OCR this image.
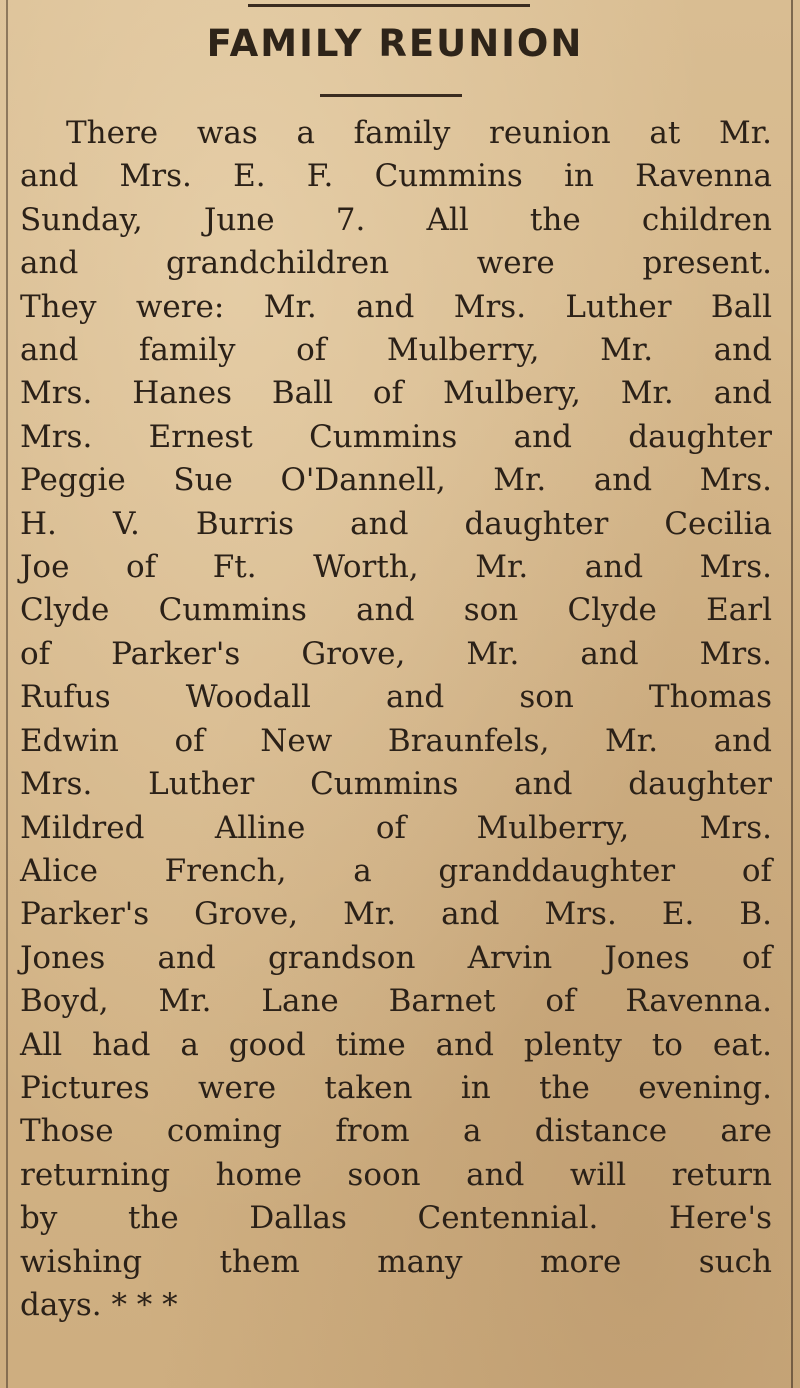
FAMILY REUNION
There was a family reunion at Mr.
and Mrs. E. F. Cummins in Ravenna
Sunday, June 7. All the children
and grandchildren were present.
They were: Mr. and Mrs. Luther Ball
and family of Mulberry, Mr. and
Mrs. Hanes Ball of Mulbery, Mr. and
Mrs. Ernest Cummins and daughter
Peggie Sue O'Dannell, Mr. and Mrs.
H. V. Burris and daughter Cecilia
Joe of Ft. Worth, Mr. and Mrs.
Clyde Cummins and son Clyde Earl
of Parker's Grove, Mr. and Mrs.
Rufus Woodall and son Thomas
Edwin of New Braunfels, Mr. and
Mrs. Luther Cummins and daughter
Mildred Alline of Mulberry, Mrs.
Alice French, a granddaughter of
Parker's Grove, Mr. and Mrs. E. B.
Jones and grandson Arvin Jones of
Boyd, Mr. Lane Barnet of Ravenna.
All had a good time and plenty to eat.
Pictures were taken in the evening.
Those coming from a distance are
returning home soon and will return
by the Dallas Centennial. Here's
wishing them many more such
days. * * *
